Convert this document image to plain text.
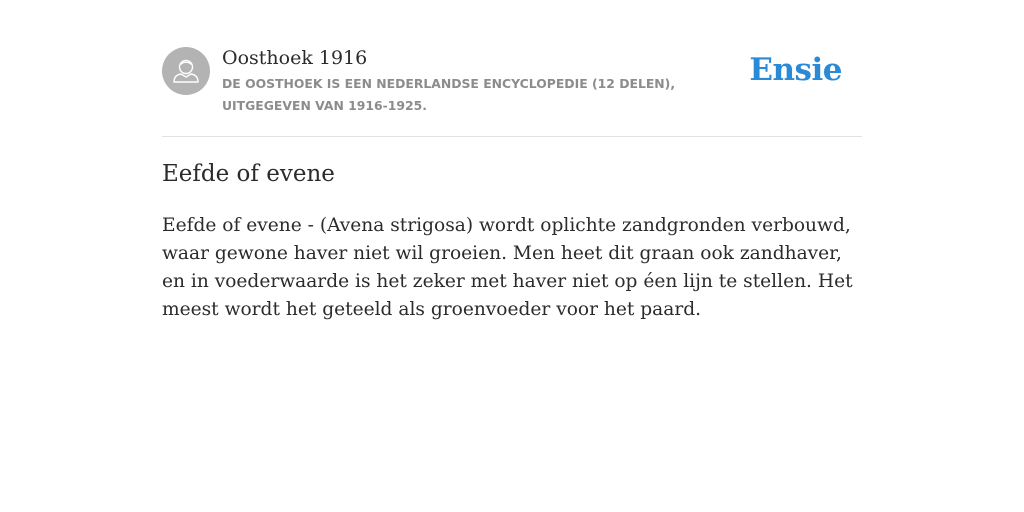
Oosthoek 1916
DE OOSTHOEK IS EEN NEDERLANDSE ENCYCLOPEDIE (12 DELEN), UITGEGEVEN VAN 1916-1925.
Ensie
Eefde of evene

Eefde of evene - (Avena strigosa) wordt oplichte zandgronden verbouwd, waar gewone haver niet wil groeien. Men heet dit graan ook zandhaver, en in voederwaarde is het zeker met haver niet op éen lijn te stellen. Het meest wordt het geteeld als groenvoeder voor het paard.
